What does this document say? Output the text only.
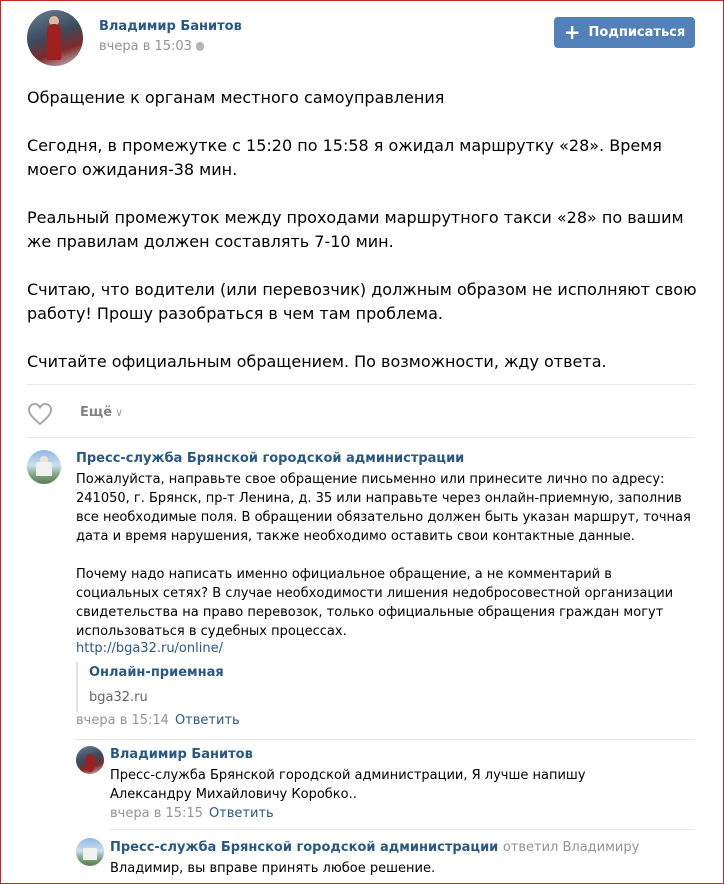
Владимир Банитов
вчера в 15:03
+ Подписаться

Обращение к органам местного самоуправления

Сегодня, в промежутке с 15:20 по 15:58 я ожидал маршрутку «28». Время моего ожидания-38 мин.

Реальный промежуток между проходами маршрутного такси «28» по вашим же правилам должен составлять 7-10 мин.

Считаю, что водители (или перевозчик) должным образом не исполняют свою работу! Прошу разобраться в чем там проблема.

Считайте официальным обращением. По возможности, жду ответа.

Ещё ∨
Пресс-служба Брянской городской администрации

Пожалуйста, направьте свое обращение письменно или принесите лично по адресу: 241050, г. Брянск, пр-т Ленина, д. 35 или направьте через онлайн-приемную, заполнив все необходимые поля. В обращении обязательно должен быть указан маршрут, точная дата и время нарушения, также необходимо оставить свои контактные данные.

Почему надо написать именно официальное обращение, а не комментарий в социальных сетях? В случае необходимости лишения недобросовестной организации свидетельства на право перевозок, только официальные обращения граждан могут использоваться в судебных процессах.

http://bga32.ru/online/
Онлайн-приемная
bga32.ru
вчера в 15:14 Ответить
Владимир Банитов
Пресс-служба Брянской городской администрации, Я лучше напишу Александру Михайловичу Коробко..
вчера в 15:15 Ответить
Пресс-служба Брянской городской администрации ответил Владимиру
Владимир, вы вправе принять любое решение.
